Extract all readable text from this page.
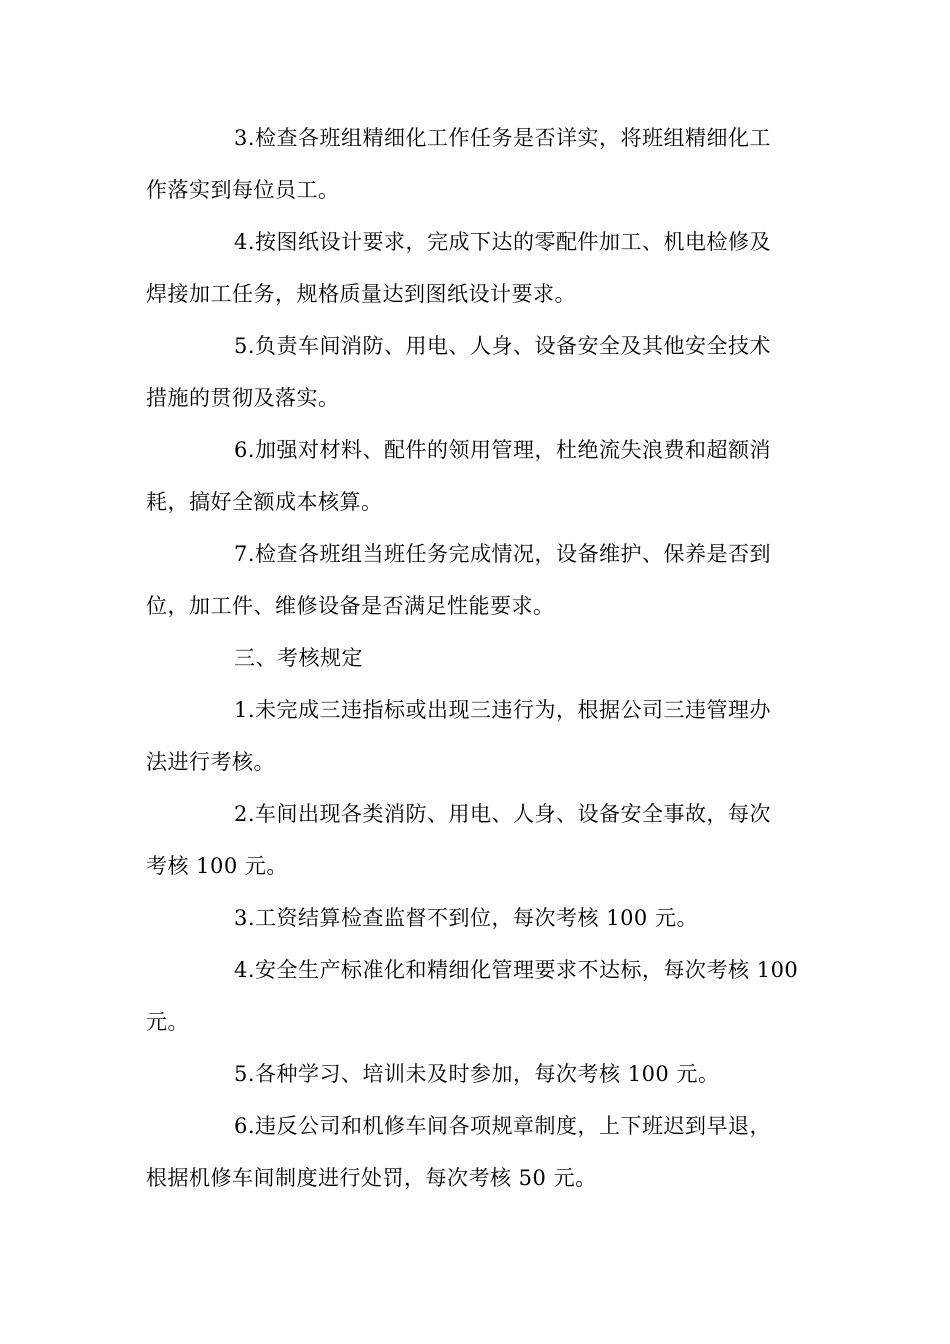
3.检查各班组精细化工作任务是否详实，将班组精细化工
作落实到每位员工。
4.按图纸设计要求，完成下达的零配件加工、机电检修及
焊接加工任务，规格质量达到图纸设计要求。
5.负责车间消防、用电、人身、设备安全及其他安全技术
措施的贯彻及落实。
6.加强对材料、配件的领用管理，杜绝流失浪费和超额消
耗，搞好全额成本核算。
7.检查各班组当班任务完成情况，设备维护、保养是否到
位，加工件、维修设备是否满足性能要求。
三、考核规定
1.未完成三违指标或出现三违行为，根据公司三违管理办
法进行考核。
2.车间出现各类消防、用电、人身、设备安全事故，每次
考核 100 元。
3.工资结算检查监督不到位，每次考核 100 元。
4.安全生产标准化和精细化管理要求不达标，每次考核 100
元。
5.各种学习、培训未及时参加，每次考核 100 元。
6.违反公司和机修车间各项规章制度，上下班迟到早退，
根据机修车间制度进行处罚，每次考核 50 元。
